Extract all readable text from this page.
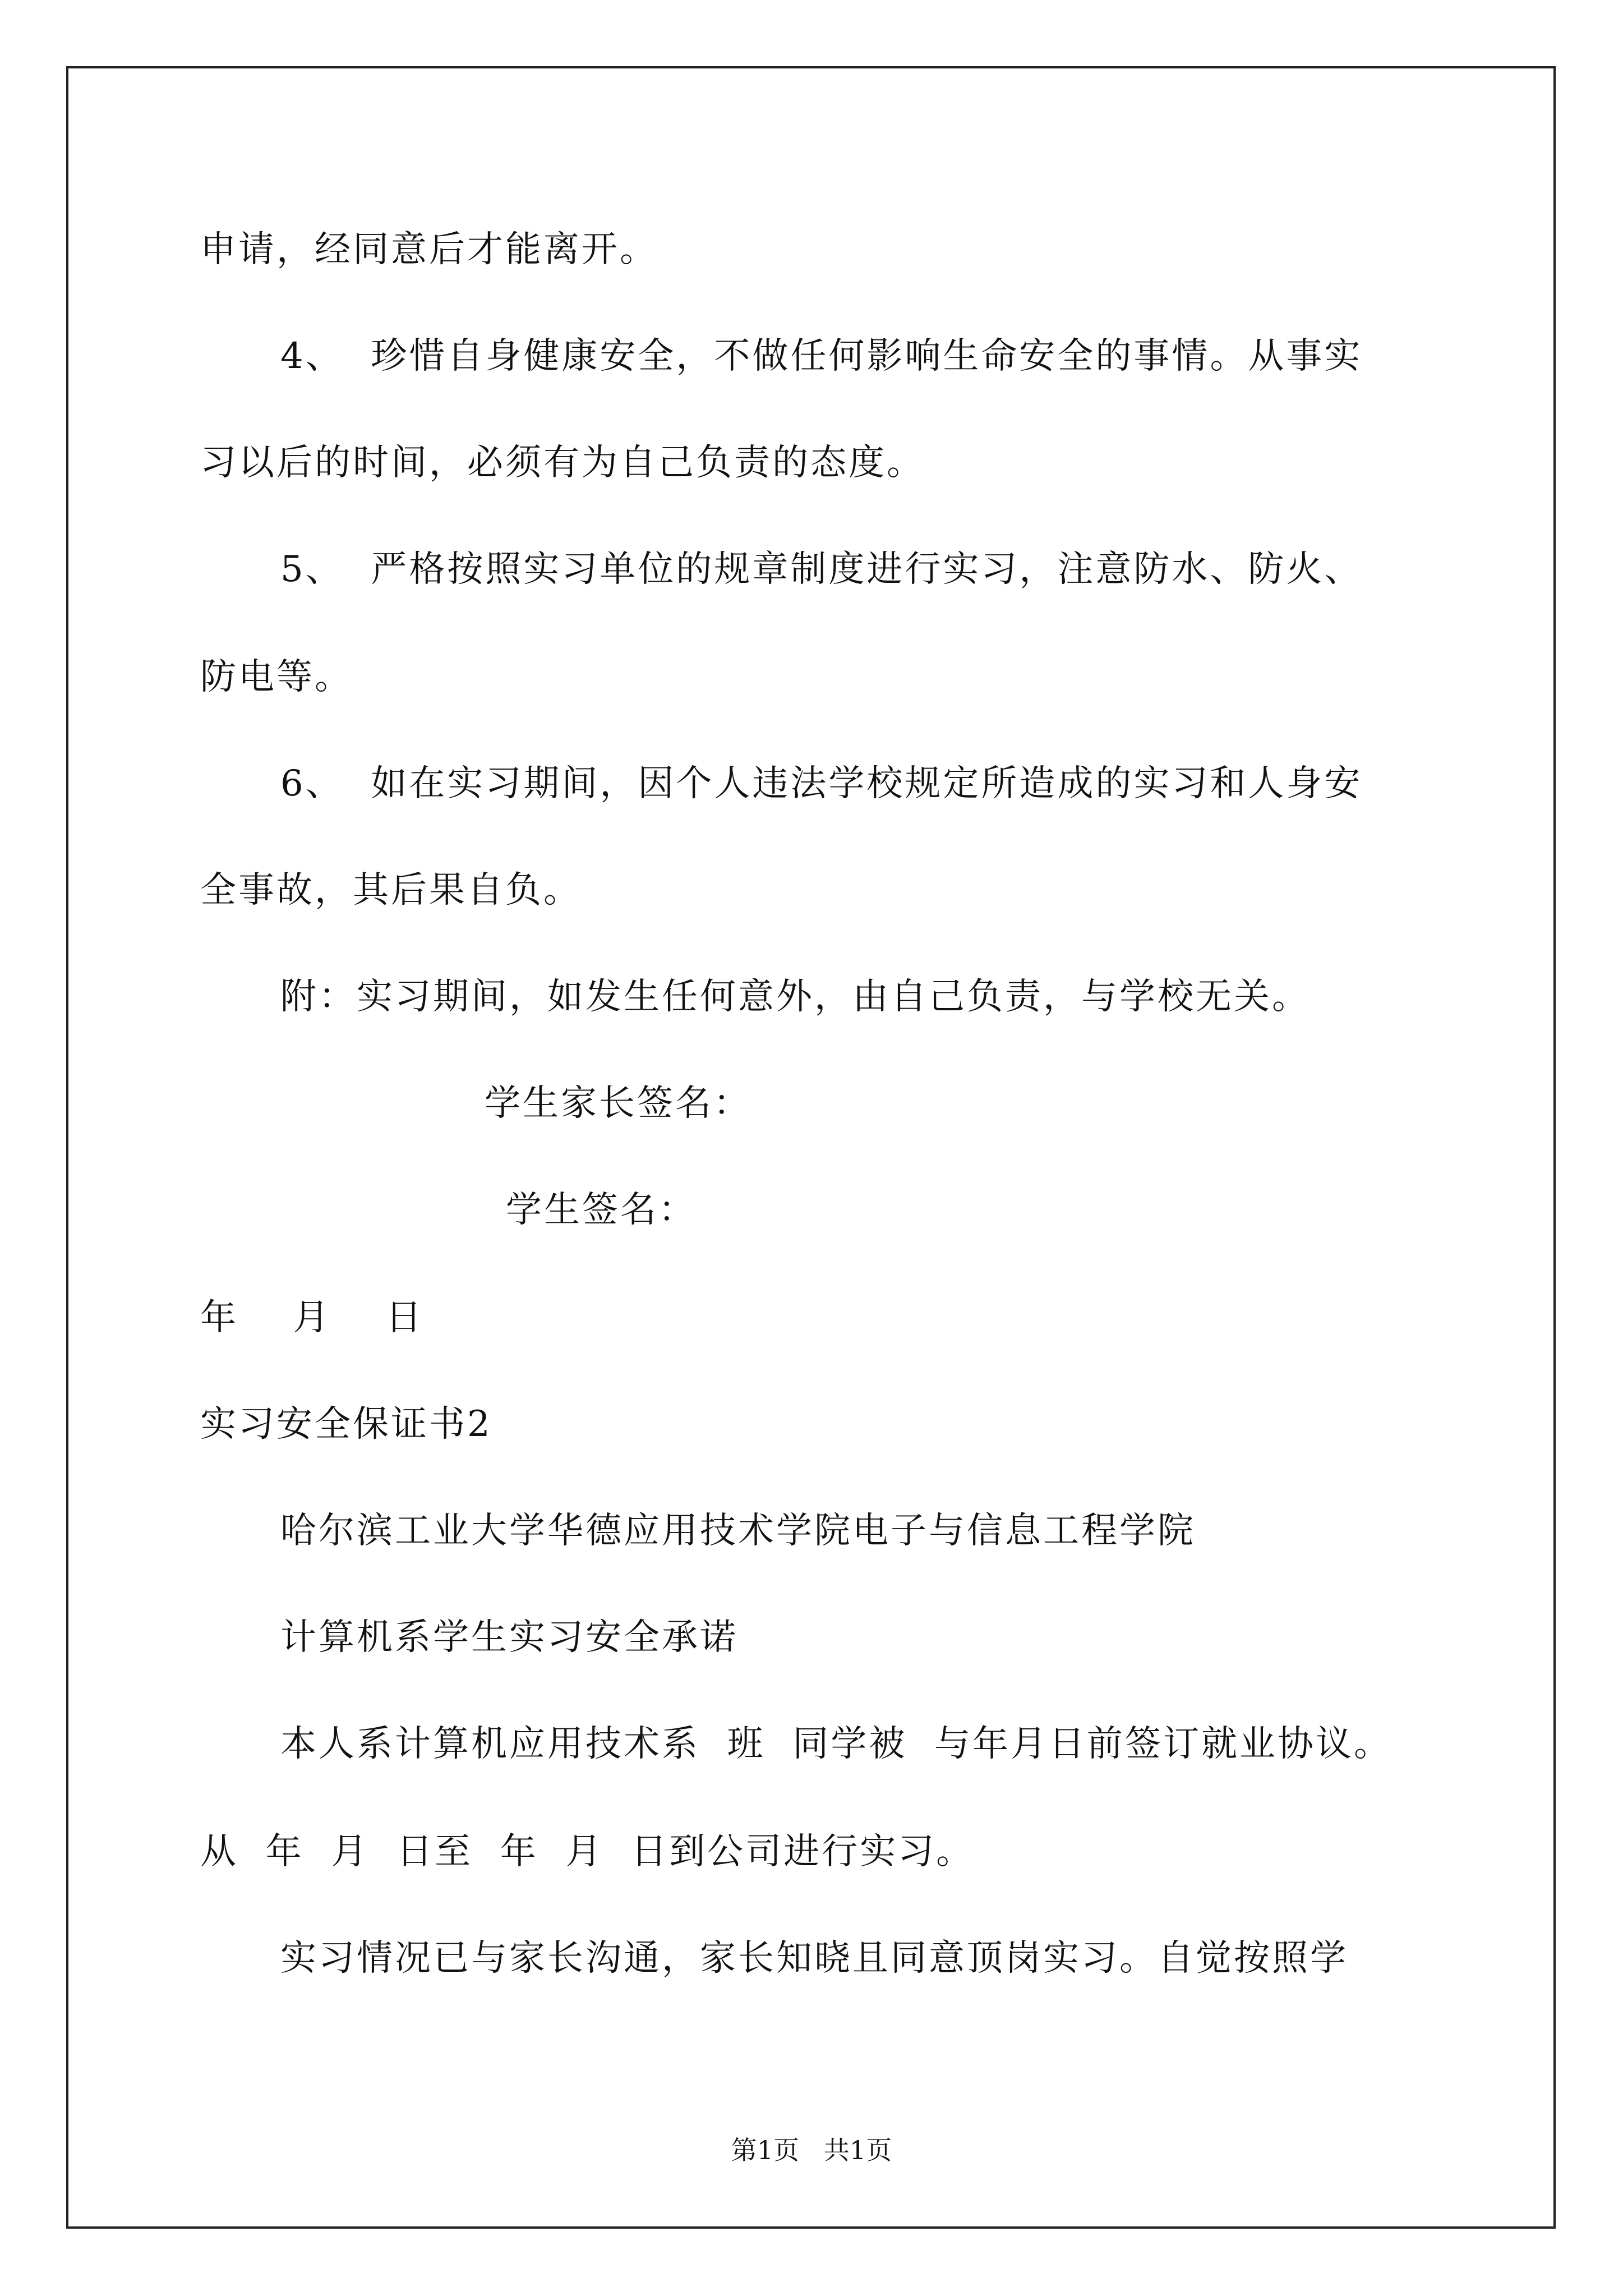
申请，经同意后才能离开。
4、  珍惜自身健康安全，不做任何影响生命安全的事情。从事实
习以后的时间，必须有为自己负责的态度。
5、  严格按照实习单位的规章制度进行实习，注意防水、防火、
防电等。
6、  如在实习期间，因个人违法学校规定所造成的实习和人身安
全事故，其后果自负。
附：实习期间，如发生任何意外，由自己负责，与学校无关。
学生家长签名：
学生签名：
年    月    日
实习安全保证书2
哈尔滨工业大学华德应用技术学院电子与信息工程学院
计算机系学生实习安全承诺
本人系计算机应用技术系  班  同学被  与年月日前签订就业协议。
从  年  月  日至  年  月  日到公司进行实习。
实习情况已与家长沟通，家长知晓且同意顶岗实习。自觉按照学
第1页   共1页
